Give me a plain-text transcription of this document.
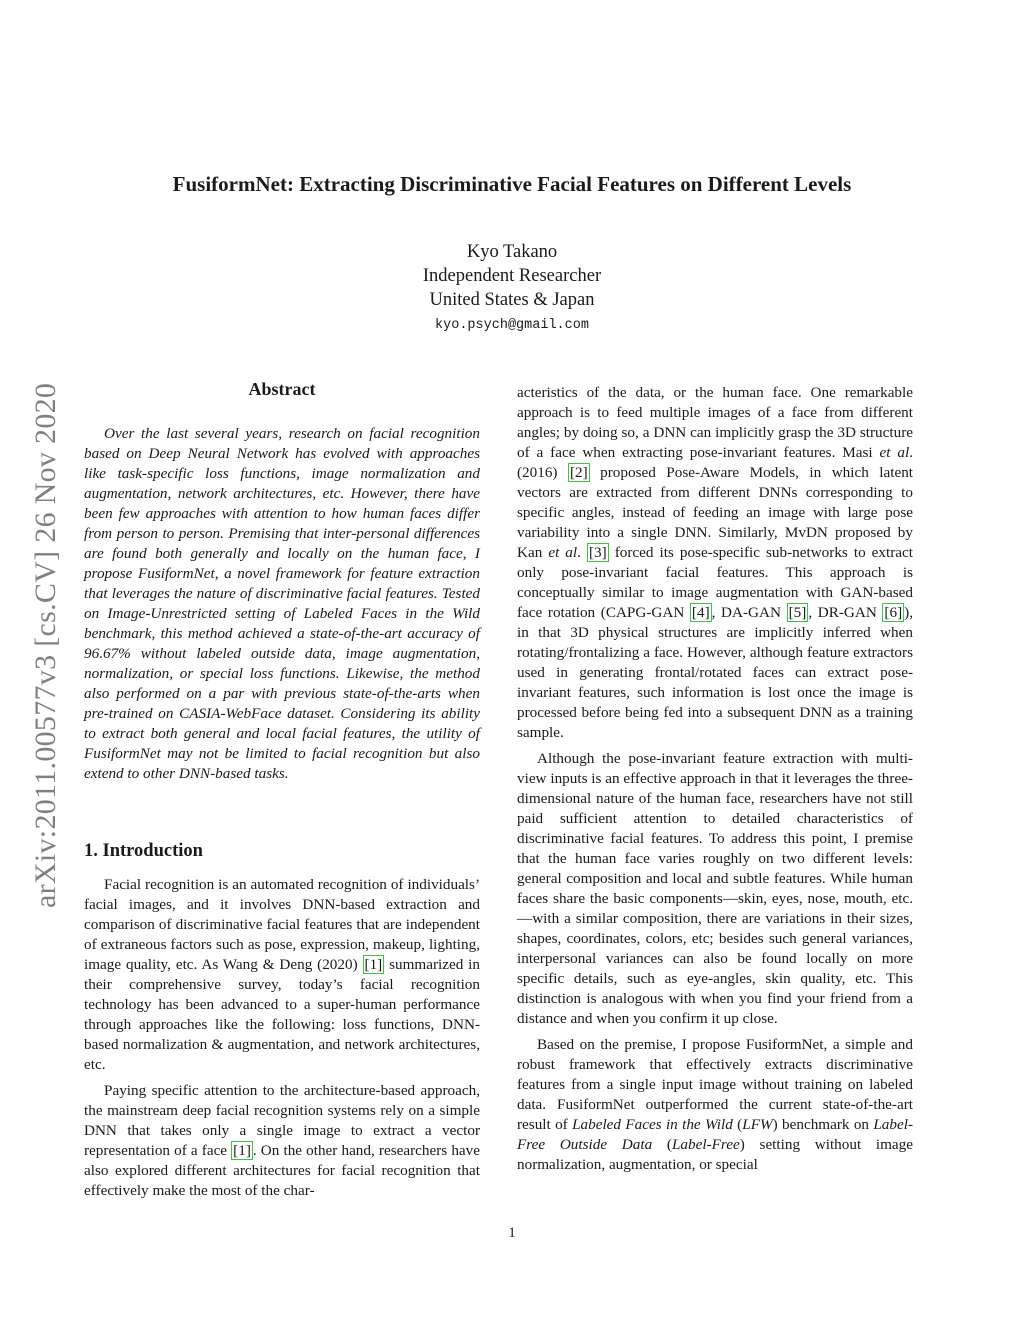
arXiv:2011.00577v3 [cs.CV] 26 Nov 2020
FusiformNet: Extracting Discriminative Facial Features on Different Levels
Kyo Takano
Independent Researcher
United States & Japan
kyo.psych@gmail.com
Abstract

Over the last several years, research on facial recognition based on Deep Neural Network has evolved with approaches like task-specific loss functions, image normalization and augmentation, network architectures, etc. However, there have been few approaches with attention to how human faces differ from person to person. Premising that inter-personal differences are found both generally and locally on the human face, I propose FusiformNet, a novel framework for feature extraction that leverages the nature of discriminative facial features. Tested on Image-Unrestricted setting of Labeled Faces in the Wild benchmark, this method achieved a state-of-the-art accuracy of 96.67% without labeled outside data, image augmentation, normalization, or special loss functions. Likewise, the method also performed on a par with previous state-of-the-arts when pre-trained on CASIA-WebFace dataset. Considering its ability to extract both general and local facial features, the utility of FusiformNet may not be limited to facial recognition but also extend to other DNN-based tasks.

1. Introduction

Facial recognition is an automated recognition of individuals’ facial images, and it involves DNN-based extraction and comparison of discriminative facial features that are independent of extraneous factors such as pose, expression, makeup, lighting, image quality, etc. As Wang & Deng (2020) [1] summarized in their comprehensive survey, today’s facial recognition technology has been advanced to a super-human performance through approaches like the following: loss functions, DNN-based normalization & augmentation, and network architectures, etc.

Paying specific attention to the architecture-based approach, the mainstream deep facial recognition systems rely on a simple DNN that takes only a single image to extract a vector representation of a face [1] . On the other hand, researchers have also explored different architectures for facial recognition that effectively make the most of the char-

acteristics of the data, or the human face. One remarkable approach is to feed multiple images of a face from different angles; by doing so, a DNN can implicitly grasp the 3D structure of a face when extracting pose-invariant features. Masi et al. (2016) [2] proposed Pose-Aware Models, in which latent vectors are extracted from different DNNs corresponding to specific angles, instead of feeding an image with large pose variability into a single DNN. Similarly, MvDN proposed by Kan et al. [3] forced its pose-specific sub-networks to extract only pose-invariant facial features. This approach is conceptually similar to image augmentation with GAN-based face rotation (CAPG-GAN [4] , DA-GAN [5] , DR-GAN [6] ), in that 3D physical structures are implicitly inferred when rotating/frontalizing a face. However, although feature extractors used in generating frontal/rotated faces can extract pose-invariant features, such information is lost once the image is processed before being fed into a subsequent DNN as a training sample.

Although the pose-invariant feature extraction with multi-view inputs is an effective approach in that it leverages the three-dimensional nature of the human face, researchers have not still paid sufficient attention to detailed characteristics of discriminative facial features. To address this point, I premise that the human face varies roughly on two different levels: general composition and local and subtle features. While human faces share the basic components—skin, eyes, nose, mouth, etc.—with a similar composition, there are variations in their sizes, shapes, coordinates, colors, etc; besides such general variances, interpersonal variances can also be found locally on more specific details, such as eye-angles, skin quality, etc. This distinction is analogous with when you find your friend from a distance and when you confirm it up close.

Based on the premise, I propose FusiformNet, a simple and robust framework that effectively extracts discriminative features from a single input image without training on labeled data. FusiformNet outperformed the current state-of-the-art result of Labeled Faces in the Wild (LFW) benchmark on Label-Free Outside Data (Label-Free) setting without image normalization, augmentation, or special

1
